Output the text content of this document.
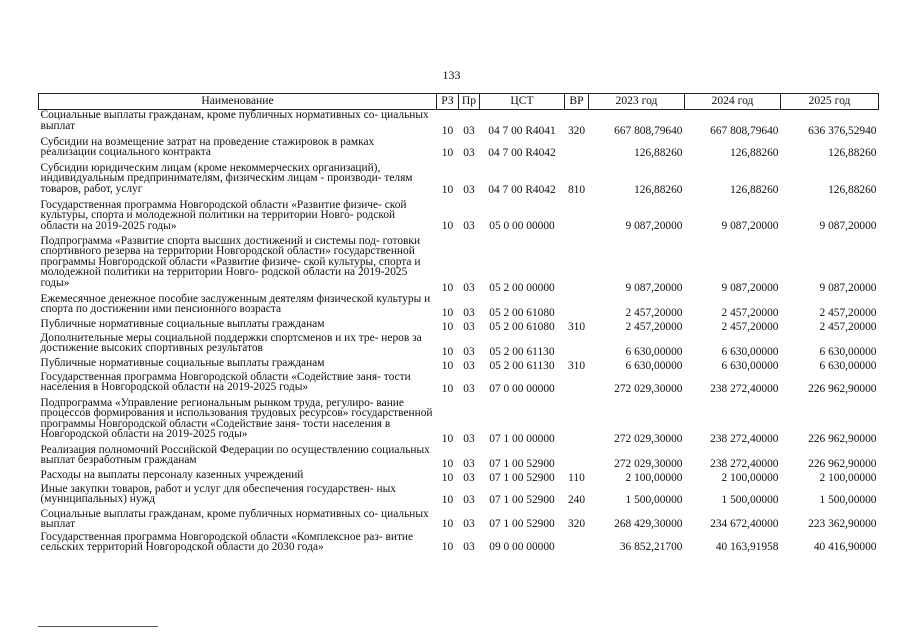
133
Наименование	РЗ	Пр	ЦСТ	ВР	2023 год	2024 год	2025 год

Социальные выплаты гражданам, кроме публичных нормативных со- циальных выплат	10	03	04 7 00 R4041	320	667 808,79640	667 808,79640	636 376,52940

Субсидии на возмещение затрат на проведение стажировок в рамках реализации социального контракта	10	03	04 7 00 R4042		126,88260	126,88260	126,88260

Субсидии юридическим лицам (кроме некоммерческих организаций), индивидуальным предпринимателям, физическим лицам - производи- телям товаров, работ, услуг	10	03	04 7 00 R4042	810	126,88260	126,88260	126,88260

Государственная программа Новгородской области «Развитие физиче- ской культуры, спорта и молодежной политики на территории Новго- родской области на 2019-2025 годы»	10	03	05 0 00 00000		9 087,20000	9 087,20000	9 087,20000

Подпрограмма «Развитие спорта высших достижений и системы под- готовки спортивного резерва на территории Новгородской области» государственной программы Новгородской области «Развитие физиче- ской культуры, спорта и молодежной политики на территории Новго- родской области на 2019-2025 годы»	10	03	05 2 00 00000		9 087,20000	9 087,20000	9 087,20000

Ежемесячное денежное пособие заслуженным деятелям физической культуры и спорта по достижении ими пенсионного возраста	10	03	05 2 00 61080		2 457,20000	2 457,20000	2 457,20000

Публичные нормативные социальные выплаты гражданам	10	03	05 2 00 61080	310	2 457,20000	2 457,20000	2 457,20000

Дополнительные меры социальной поддержки спортсменов и их тре- неров за достижение высоких спортивных результатов	10	03	05 2 00 61130		6 630,00000	6 630,00000	6 630,00000

Публичные нормативные социальные выплаты гражданам	10	03	05 2 00 61130	310	6 630,00000	6 630,00000	6 630,00000

Государственная программа Новгородской области «Содействие заня- тости населения в Новгородской области на 2019-2025 годы»	10	03	07 0 00 00000		272 029,30000	238 272,40000	226 962,90000

Подпрограмма «Управление региональным рынком труда, регулиро- вание процессов формирования и использования трудовых ресурсов» государственной программы Новгородской области «Содействие заня- тости населения в Новгородской области на 2019-2025 годы»	10	03	07 1 00 00000		272 029,30000	238 272,40000	226 962,90000

Реализация полномочий Российской Федерации по осуществлению социальных выплат безработным гражданам	10	03	07 1 00 52900		272 029,30000	238 272,40000	226 962,90000

Расходы на выплаты персоналу казенных учреждений	10	03	07 1 00 52900	110	2 100,00000	2 100,00000	2 100,00000

Иные закупки товаров, работ и услуг для обеспечения государствен- ных (муниципальных) нужд	10	03	07 1 00 52900	240	1 500,00000	1 500,00000	1 500,00000

Социальные выплаты гражданам, кроме публичных нормативных со- циальных выплат	10	03	07 1 00 52900	320	268 429,30000	234 672,40000	223 362,90000

Государственная программа Новгородской области «Комплексное раз- витие сельских территорий Новгородской области до 2030 года»	10	03	09 0 00 00000		36 852,21700	40 163,91958	40 416,90000
